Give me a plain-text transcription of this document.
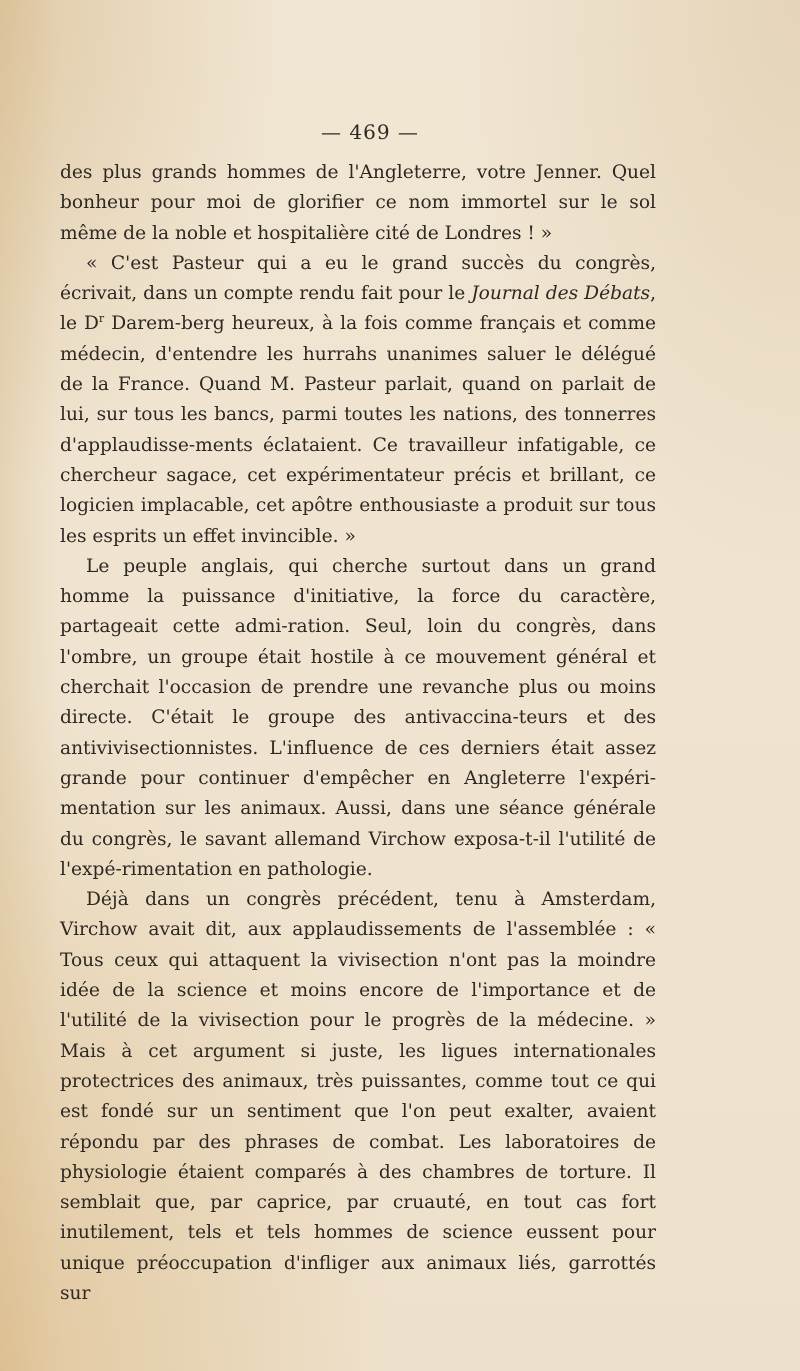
— 469 —

des plus grands hommes de l'Angleterre, votre Jenner. Quel bonheur pour moi de glorifier ce nom immortel sur le sol même de la noble et hospitalière cité de Londres ! »

« C'est Pasteur qui a eu le grand succès du congrès, écrivait, dans un compte rendu fait pour le Journal des Débats, le $D^r$ Darem-berg heureux, à la fois comme français et comme médecin, d'entendre les hurrahs unanimes saluer le délégué de la France. Quand M. Pasteur parlait, quand on parlait de lui, sur tous les bancs, parmi toutes les nations, des tonnerres d'applaudisse-ments éclataient. Ce travailleur infatigable, ce chercheur sagace, cet expérimentateur précis et brillant, ce logicien implacable, cet apôtre enthousiaste a produit sur tous les esprits un effet invincible. »

Le peuple anglais, qui cherche surtout dans un grand homme la puissance d'initiative, la force du caractère, partageait cette admi-ration. Seul, loin du congrès, dans l'ombre, un groupe était hostile à ce mouvement général et cherchait l'occasion de prendre une revanche plus ou moins directe. C'était le groupe des antivaccina-teurs et des antivivisectionnistes. L'influence de ces derniers était assez grande pour continuer d'empêcher en Angleterre l'expéri-mentation sur les animaux. Aussi, dans une séance générale du congrès, le savant allemand Virchow exposa-t-il l'utilité de l'expé-rimentation en pathologie.

Déjà dans un congrès précédent, tenu à Amsterdam, Virchow avait dit, aux applaudissements de l'assemblée : « Tous ceux qui attaquent la vivisection n'ont pas la moindre idée de la science et moins encore de l'importance et de l'utilité de la vivisection pour le progrès de la médecine. » Mais à cet argument si juste, les ligues internationales protectrices des animaux, très puissantes, comme tout ce qui est fondé sur un sentiment que l'on peut exalter, avaient répondu par des phrases de combat. Les laboratoires de physiologie étaient comparés à des chambres de torture. Il semblait que, par caprice, par cruauté, en tout cas fort inutilement, tels et tels hommes de science eussent pour unique préoccupation d'infliger aux animaux liés, garrottés sur
